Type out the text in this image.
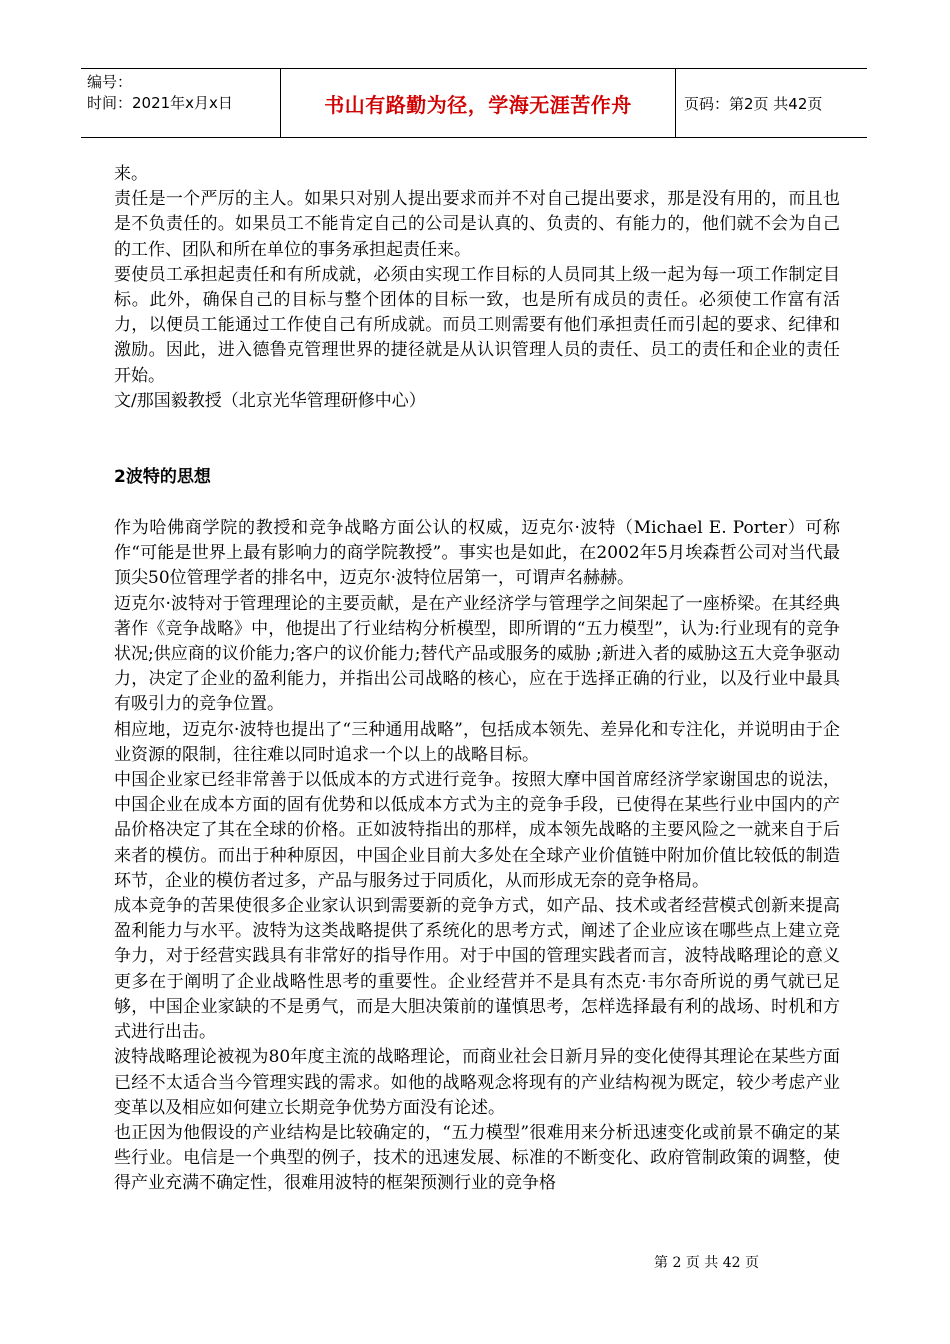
编号：
时间：2021年x月x日	书山有路勤为径，学海无涯苦作舟	页码：第2页 共42页

来。

责任是一个严厉的主人。如果只对别人提出要求而并不对自己提出要求，那是没有用的，而且也是不负责任的。如果员工不能肯定自己的公司是认真的、负责的、有能力的，他们就不会为自己的工作、团队和所在单位的事务承担起责任来。

要使员工承担起责任和有所成就，必须由实现工作目标的人员同其上级一起为每一项工作制定目标。此外，确保自己的目标与整个团体的目标一致，也是所有成员的责任。必须使工作富有活力，以便员工能通过工作使自己有所成就。而员工则需要有他们承担责任而引起的要求、纪律和激励。因此，进入德鲁克管理世界的捷径就是从认识管理人员的责任、员工的责任和企业的责任开始。

文/那国毅教授（北京光华管理研修中心）

2波特的思想

作为哈佛商学院的教授和竞争战略方面公认的权威，迈克尔·波特（Michael E. Porter）可称作“可能是世界上最有影响力的商学院教授”。事实也是如此，在2002年5月埃森哲公司对当代最顶尖50位管理学者的排名中，迈克尔·波特位居第一，可谓声名赫赫。

迈克尔·波特对于管理理论的主要贡献，是在产业经济学与管理学之间架起了一座桥梁。在其经典著作《竞争战略》中，他提出了行业结构分析模型，即所谓的“五力模型”，认为:行业现有的竞争状况;供应商的议价能力;客户的议价能力;替代产品或服务的威胁 ;新进入者的威胁这五大竞争驱动力，决定了企业的盈利能力，并指出公司战略的核心，应在于选择正确的行业，以及行业中最具有吸引力的竞争位置。

相应地，迈克尔·波特也提出了“三种通用战略”，包括成本领先、差异化和专注化，并说明由于企业资源的限制，往往难以同时追求一个以上的战略目标。

中国企业家已经非常善于以低成本的方式进行竞争。按照大摩中国首席经济学家谢国忠的说法，中国企业在成本方面的固有优势和以低成本方式为主的竞争手段，已使得在某些行业中国内的产品价格决定了其在全球的价格。正如波特指出的那样，成本领先战略的主要风险之一就来自于后来者的模仿。而出于种种原因，中国企业目前大多处在全球产业价值链中附加价值比较低的制造环节，企业的模仿者过多，产品与服务过于同质化，从而形成无奈的竞争格局。

成本竞争的苦果使很多企业家认识到需要新的竞争方式，如产品、技术或者经营模式创新来提高盈利能力与水平。波特为这类战略提供了系统化的思考方式，阐述了企业应该在哪些点上建立竞争力，对于经营实践具有非常好的指导作用。对于中国的管理实践者而言，波特战略理论的意义更多在于阐明了企业战略性思考的重要性。企业经营并不是具有杰克·韦尔奇所说的勇气就已足够，中国企业家缺的不是勇气，而是大胆决策前的谨慎思考，怎样选择最有利的战场、时机和方式进行出击。

波特战略理论被视为80年度主流的战略理论，而商业社会日新月异的变化使得其理论在某些方面已经不太适合当今管理实践的需求。如他的战略观念将现有的产业结构视为既定，较少考虑产业变革以及相应如何建立长期竞争优势方面没有论述。

也正因为他假设的产业结构是比较确定的，“五力模型”很难用来分析迅速变化或前景不确定的某些行业。电信是一个典型的例子，技术的迅速发展、标准的不断变化、政府管制政策的调整，使得产业充满不确定性，很难用波特的框架预测行业的竞争格

第 2 页 共 42 页
